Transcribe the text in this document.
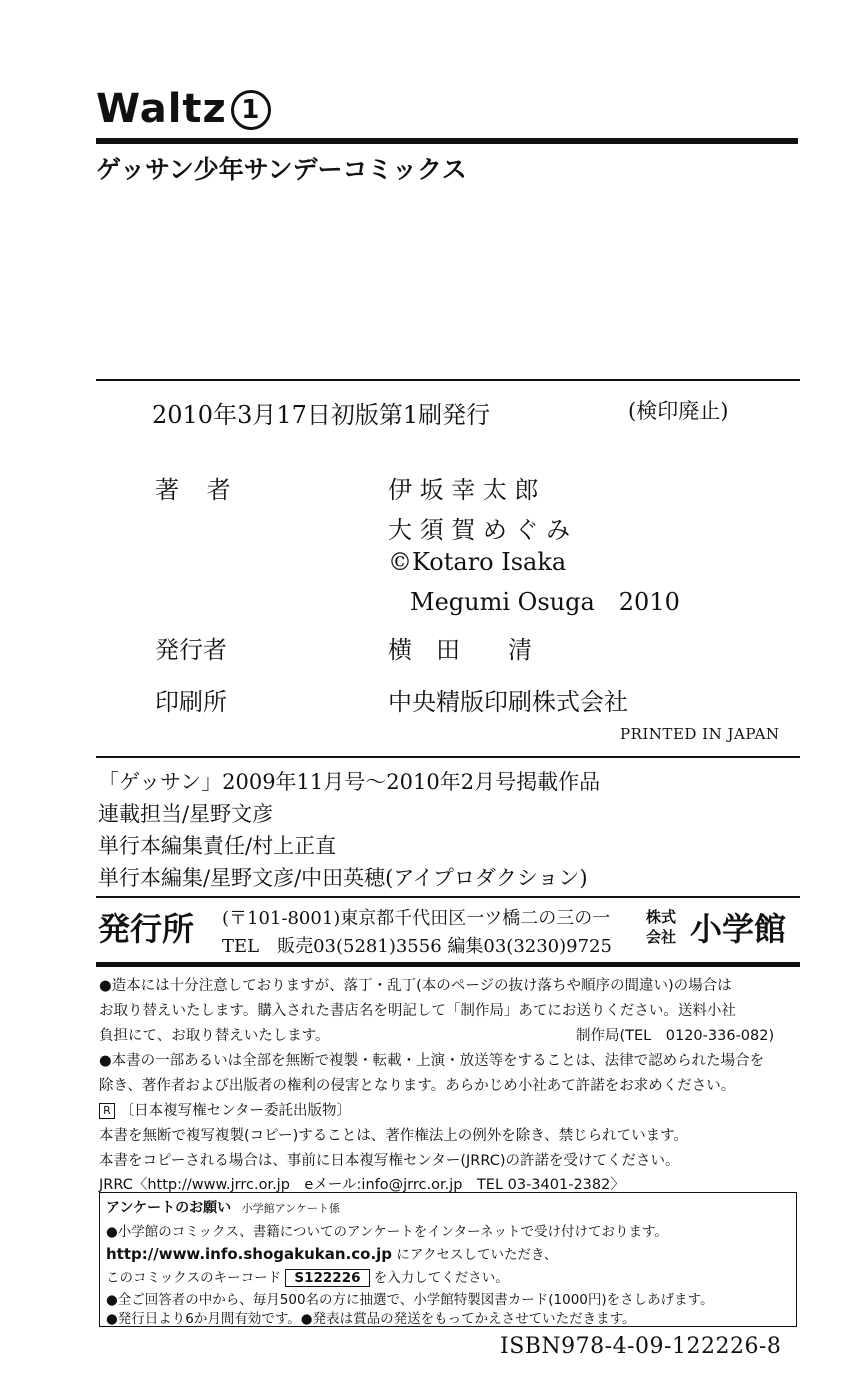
Waltz 1
ゲッサン少年サンデーコミックス
2010年3月17日初版第1刷発行	(検印廃止)
著 者	伊 坂 幸 太 郎
大 須 賀 め ぐ み
©Kotaro Isaka
Megumi Osuga　2010
発行者	横　田　　清
印刷所	中央精版印刷株式会社
PRINTED IN JAPAN
「ゲッサン」2009年11月号〜2010年2月号掲載作品
連載担当/星野文彦
単行本編集責任/村上正直
単行本編集/星野文彦/中田英穂(アイプロダクション)
発行所 (〒101-8001)東京都千代田区一ツ橋二の三の一
TEL　販売03(5281)3556 編集03(3230)9725
株式
会社 小学館
●造本には十分注意しておりますが、落丁・乱丁(本のページの抜け落ちや順序の間違い)の場合は
お取り替えいたします。購入された書店名を明記して「制作局」あてにお送りください。送料小社
負担にて、お取り替えいたします。	制作局(TEL　0120-336-082)
●本書の一部あるいは全部を無断で複製・転載・上演・放送等をすることは、法律で認められた場合を
除き、著作者および出版者の権利の侵害となります。あらかじめ小社あて許諾をお求めください。
R 〔日本複写権センター委託出版物〕
本書を無断で複写複製(コピー)することは、著作権法上の例外を除き、禁じられています。
本書をコピーされる場合は、事前に日本複写権センター(JRRC)の許諾を受けてください。
JRRC〈http://www.jrrc.or.jp　eメール:info@jrrc.or.jp　TEL 03-3401-2382〉
アンケートのお願い 小学館アンケート係
●小学館のコミックス、書籍についてのアンケートをインターネットで受け付けております。
http://www.info.shogakukan.co.jp にアクセスしていただき、
このコミックスのキーコード S122226 を入力してください。
●全ご回答者の中から、毎月500名の方に抽選で、小学館特製図書カード(1000円)をさしあげます。
●発行日より6か月間有効です。●発表は賞品の発送をもってかえさせていただきます。
ISBN978-4-09-122226-8
